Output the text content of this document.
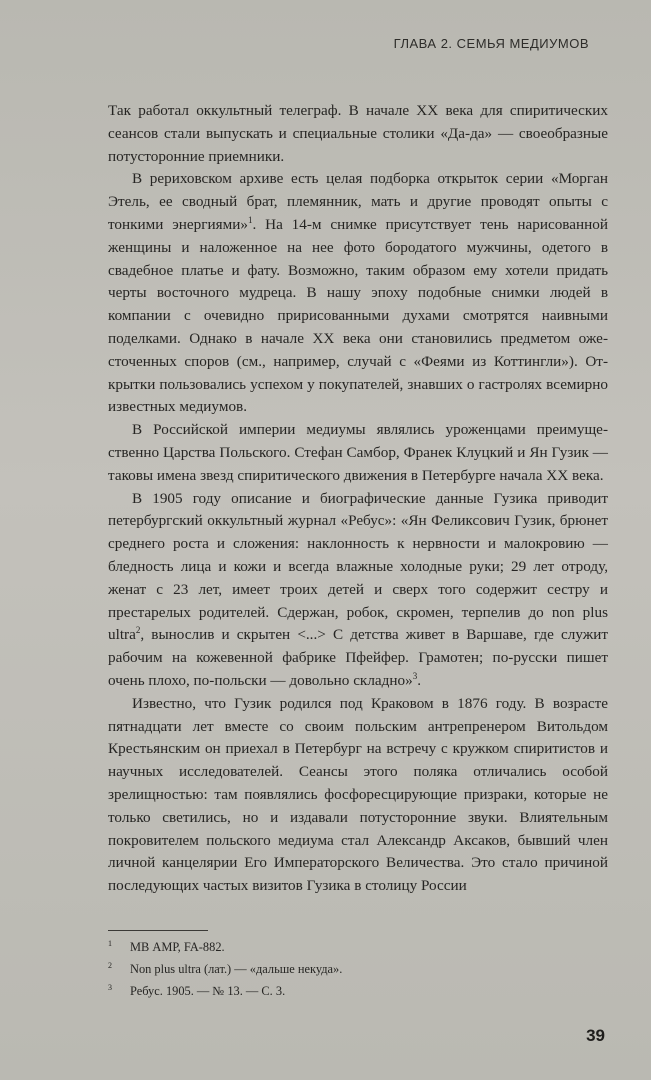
ГЛАВА 2. СЕМЬЯ МЕДИУМОВ

Так работал оккультный телеграф. В начале XX века для спиритических сеансов стали выпускать и специальные столики «Да-да» — своеобразные потусторонние приемники.

В рериховском архиве есть целая подборка открыток серии «Морган Этель, ее сводный брат, племянник, мать и другие проводят опыты с тонкими энергиями»$^1$. На 14-м снимке присутствует тень нарисованной женщины и наложенное на нее фото бородатого мужчины, одетого в свадебное платье и фату. Возможно, таким образом ему хотели придать черты восточного мудреца. В нашу эпоху подобные снимки людей в компании с очевидно пририсованными духами смотрятся наивными поделками. Однако в начале XX века они становились предметом ожесточенных споров (см., например, случай с «Феями из Коттингли»). Открытки пользовались успехом у покупателей, знавших о гастролях всемирно известных медиумов.

В Российской империи медиумы являлись уроженцами преимущественно Царства Польского. Стефан Самбор, Франек Клуцкий и Ян Гузик — таковы имена звезд спиритического движения в Петербурге начала XX века.

В 1905 году описание и биографические данные Гузика приводит петербургский оккультный журнал «Ребус»: «Ян Феликсович Гузик, брюнет среднего роста и сложения: наклонность к нервности и малокровию — бледность лица и кожи и всегда влажные холодные руки; 29 лет отроду, женат с 23 лет, имеет троих детей и сверх того содержит сестру и престарелых родителей. Сдержан, робок, скромен, терпелив до non plus ultra$^2$, вынослив и скрытен <...> С детства живет в Варшаве, где служит рабочим на кожевенной фабрике Пфейфер. Грамотен; по-русски пишет очень плохо, по-польски — довольно складно»$^3$.

Известно, что Гузик родился под Краковом в 1876 году. В возрасте пятнадцати лет вместе со своим польским антрепренером Витольдом Крестьянским он приехал в Петербург на встречу с кружком спиритистов и научных исследователей. Сеансы этого поляка отличались особой зрелищностью: там появлялись фосфоресцирующие призраки, которые не только светились, но и издавали потусторонние звуки. Влиятельным покровителем польского медиума стал Александр Аксаков, бывший член личной канцелярии Его Императорского Величества. Это стало причиной последующих частых визитов Гузика в столицу России

1 МВ АМР, FA-882.
2 Non plus ultra (лат.) — «дальше некуда».
3 Ребус. 1905. — № 13. — С. 3.
39
